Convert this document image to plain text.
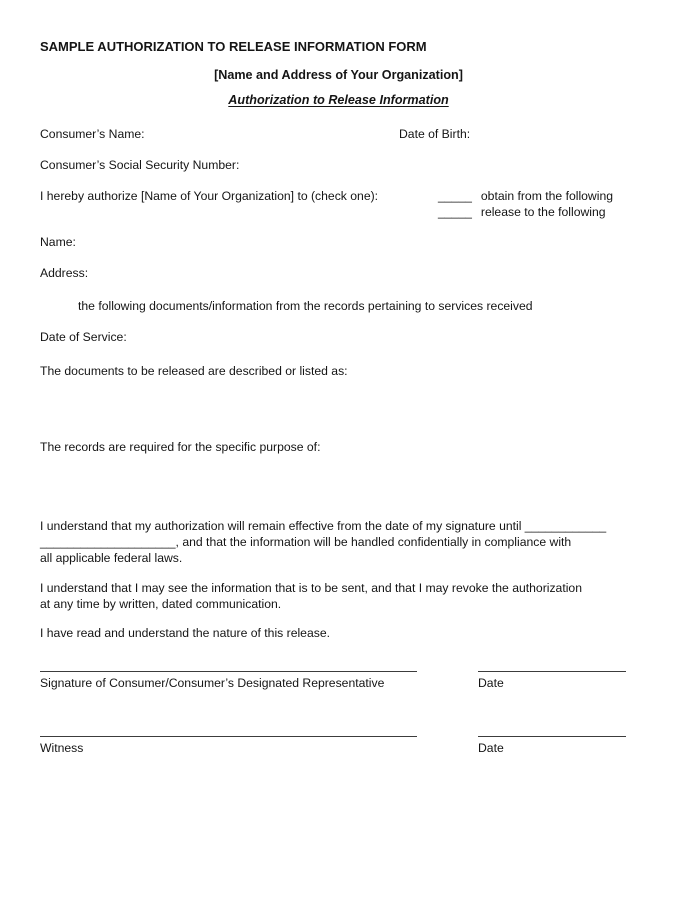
SAMPLE AUTHORIZATION TO RELEASE INFORMATION FORM
[Name and Address of Your Organization]
Authorization to Release Information
Consumer’s Name:	Date of Birth:
Consumer’s Social Security Number:
I hereby authorize [Name of Your Organization] to (check one):	_____ obtain from the following
_____ release to the following
Name:
Address:
the following documents/information from the records pertaining to services received
Date of Service:
The documents to be released are described or listed as:
The records are required for the specific purpose of:
I understand that my authorization will remain effective from the date of my signature until ____________
____________________, and that the information will be handled confidentially in compliance with
all applicable federal laws.
I understand that I may see the information that is to be sent, and that I may revoke the authorization
at any time by written, dated communication.
I have read and understand the nature of this release.
Signature of Consumer/Consumer’s Designated Representative	Date
Witness	Date
